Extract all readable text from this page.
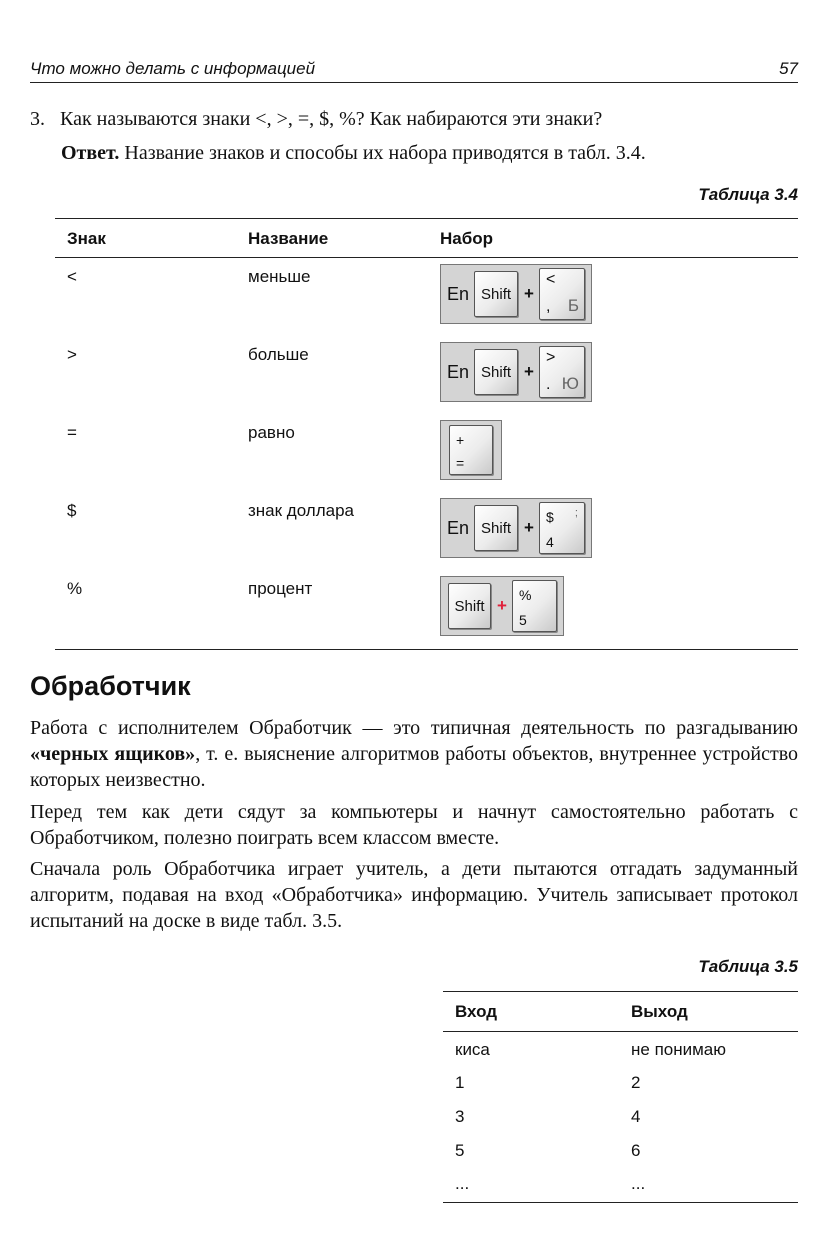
Что можно делать с информацией	57
3. Как называются знаки <, >, =, $, %? Как набираются эти знаки?
Ответ. Название знаков и способы их набора приводятся в табл. 3.4.
Таблица 3.4
Знак	Название	Набор
<	меньше
En Shift +
<
, Б
>	больше
En Shift +
>
. Ю
=	равно	+
=
$	знак доллара
En Shift +
$ ;
4
%	процент
Shift +
%
5
Обработчик

Работа с исполнителем Обработчик — это типичная деятельность по разгадыванию «черных ящиков», т. е. выяснение алгоритмов работы объектов, внутреннее устройство которых неизвестно.

Перед тем как дети сядут за компьютеры и начнут самостоятельно работать с Обработчиком, полезно поиграть всем классом вместе.

Сначала роль Обработчика играет учитель, а дети пытаются отгадать задуманный алгоритм, подавая на вход «Обработчика» информацию. Учитель записывает протокол испытаний на доске в виде табл. 3.5.

Таблица 3.5
Вход	Выход
киса	не понимаю
1	2
3	4
5	6
...	...
